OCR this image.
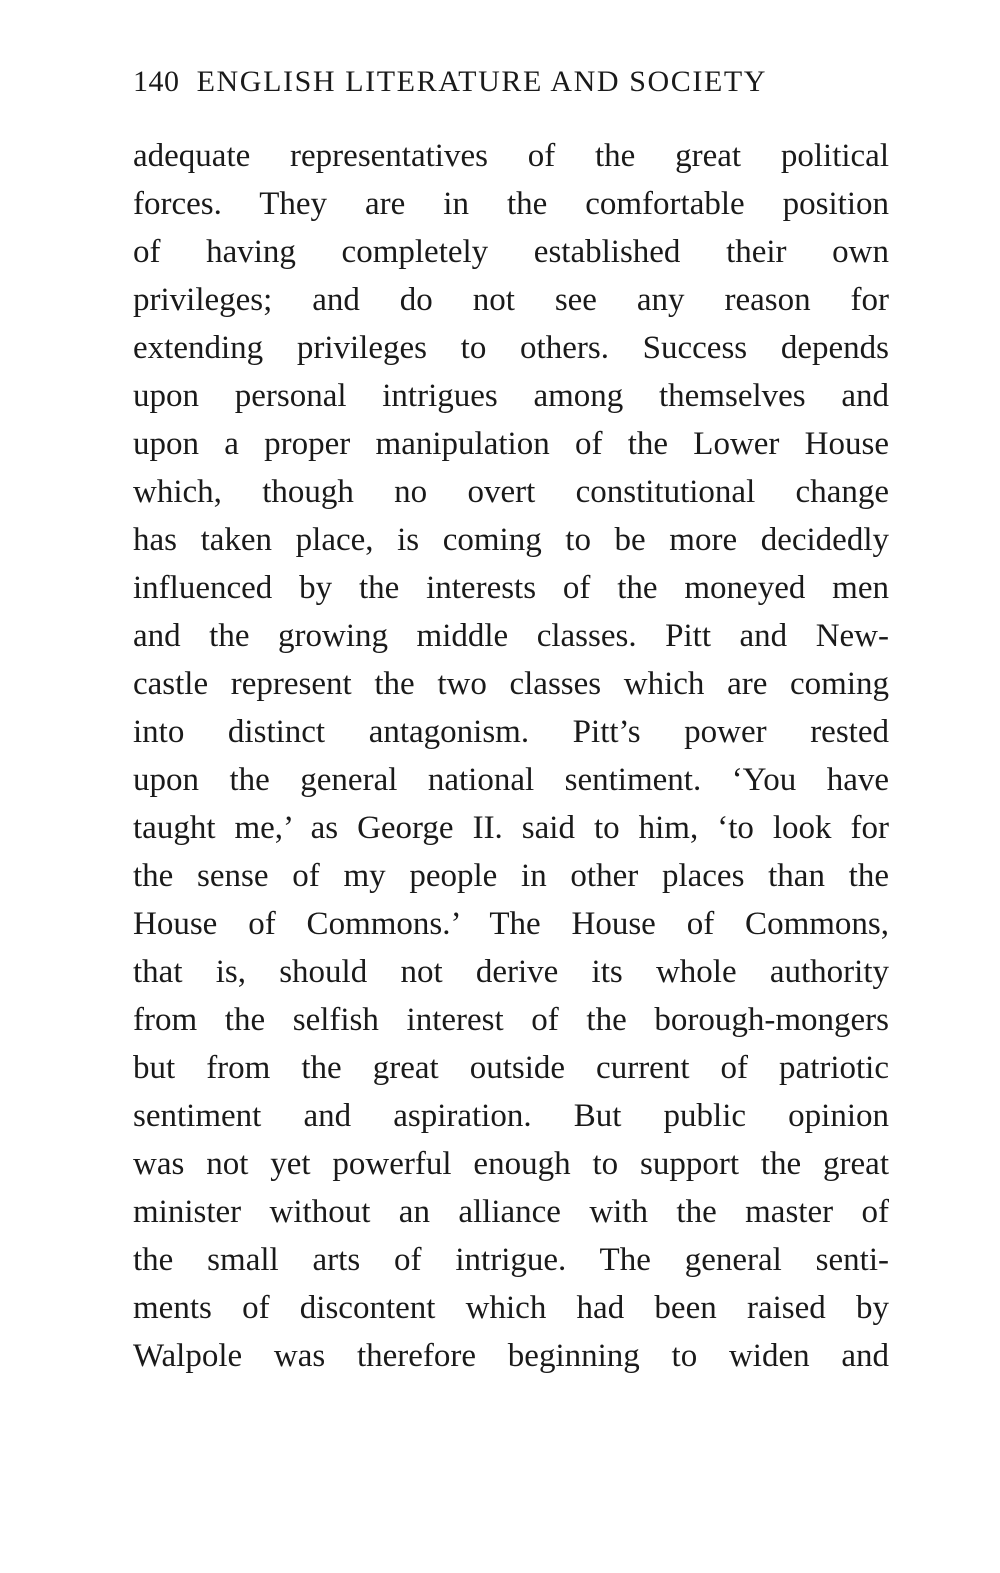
140 ENGLISH LITERATURE AND SOCIETY
adequate representatives of the great political
forces. They are in the comfortable position
of having completely established their own
privileges; and do not see any reason for
extending privileges to others. Success depends
upon personal intrigues among themselves and
upon a proper manipulation of the Lower House
which, though no overt constitutional change
has taken place, is coming to be more decidedly
influenced by the interests of the moneyed men
and the growing middle classes. Pitt and New-
castle represent the two classes which are coming
into distinct antagonism. Pitt’s power rested
upon the general national sentiment. ‘You have
taught me,’ as George II. said to him, ‘to look for
the sense of my people in other places than the
House of Commons.’ The House of Commons,
that is, should not derive its whole authority
from the selfish interest of the borough-mongers
but from the great outside current of patriotic
sentiment and aspiration. But public opinion
was not yet powerful enough to support the great
minister without an alliance with the master of
the small arts of intrigue. The general senti-
ments of discontent which had been raised by
Walpole was therefore beginning to widen and
